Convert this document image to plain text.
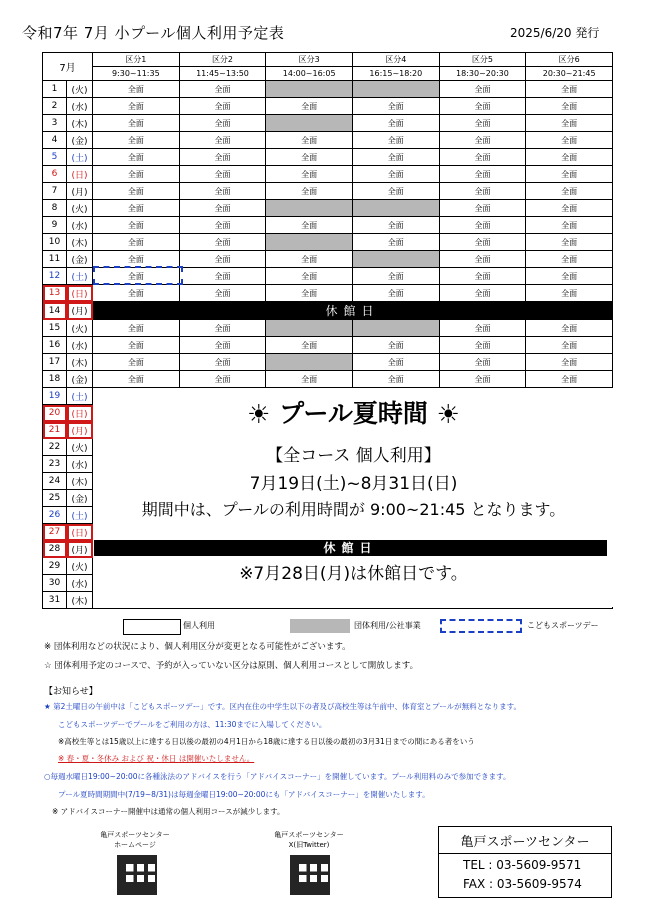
令和7年 7月 小プール個人利用予定表	2025/6/20 発行
7月		区分1	区分2	区分3	区分4	区分5	区分6
		9:30~11:35	11:45~13:50	14:00~16:05	16:15~18:20	18:30~20:30	20:30~21:45
1	(火)	全面	全面			全面	全面
2	(水)	全面	全面	全面	全面	全面	全面
3	(木)	全面	全面		全面	全面	全面
4	(金)	全面	全面	全面	全面	全面	全面
5	(土)	全面	全面	全面	全面	全面	全面
6	(日)	全面	全面	全面	全面	全面	全面
7	(月)	全面	全面	全面	全面	全面	全面
8	(火)	全面	全面			全面	全面
9	(水)	全面	全面	全面	全面	全面	全面
10	(木)	全面	全面		全面	全面	全面
11	(金)	全面	全面	全面		全面	全面
12	(土)	全面	全面	全面	全面	全面	全面
13	(日)	全面	全面	全面	全面	全面	全面
14	(月)	休館日					
15	(火)	全面	全面			全面	全面
16	(水)	全面	全面	全面	全面	全面	全面
17	(木)	全面	全面		全面	全面	全面
18	(金)	全面	全面	全面	全面	全面	全面
19	(土)						
20	(日)						
21	(月)						
22	(火)						
23	(水)						
24	(木)						
25	(金)						
26	(土)						
27	(日)						
28	(月)						
29	(火)						
30	(水)						
31	(木)						
☀ プール夏時間 ☀
【全コース 個人利用】
7月19日(土)~8月31日(日)
期間中は、プールの利用時間が 9:00~21:45 となります。
休館日
※7月28日(月)は休館日です。
個人利用	団体利用/公社事業	こどもスポーツデー
※ 団体利用などの状況により、個人利用区分が変更となる可能性がございます。
☆ 団体利用予定のコースで、予約が入っていない区分は原則、個人利用コースとして開放します。
【お知らせ】
★ 第2土曜日の午前中は「こどもスポーツデー」です。区内在住の中学生以下の者及び高校生等は午前中、体育室とプールが無料となります。
こどもスポーツデーでプールをご利用の方は、11:30までに入場してください。
※高校生等とは15歳以上に達する日以後の最初の4月1日から18歳に達する日以後の最初の3月31日までの間にある者をいう
※ 春・夏・冬休み および 祝・休日 は開催いたしません。
○毎週水曜日19:00~20:00に各種泳法のアドバイスを行う「アドバイスコーナー」を開催しています。プール利用料のみで参加できます。
プール夏時間期間中(7/19~8/31)は毎週金曜日19:00~20:00にも「アドバイスコーナー」を開催いたします。
※ アドバイスコーナー開催中は通常の個人利用コースが減少します。
亀戸スポーツセンター
ホームページ
亀戸スポーツセンター
X(旧Twitter)	亀戸スポーツセンター
TEL : 03-5609-9571
FAX : 03-5609-9574
